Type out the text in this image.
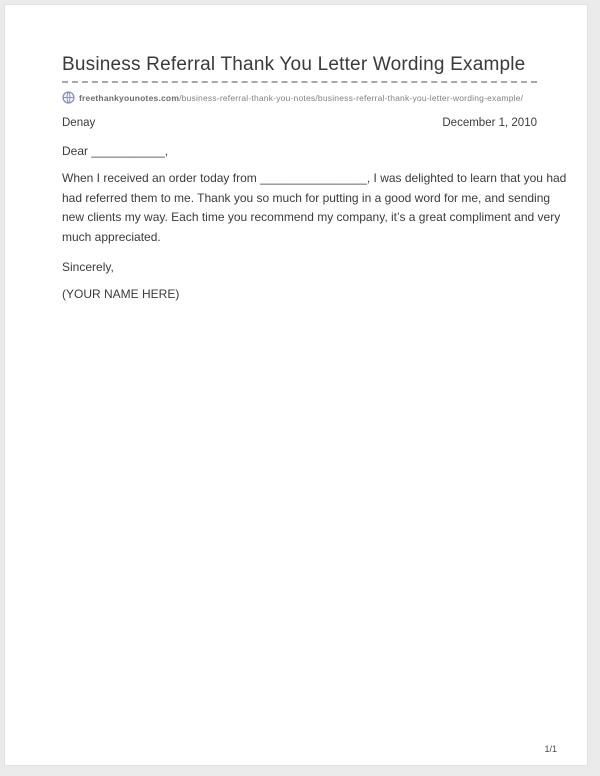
Business Referral Thank You Letter Wording Example
freethankyounotes.com/business-referral-thank-you-notes/business-referral-thank-you-letter-wording-example/
Denay	December 1, 2010

Dear ___________,

When I received an order today from ________________, I was delighted to learn that you had
had referred them to me. Thank you so much for putting in a good word for me, and sending
new clients my way. Each time you recommend my company, it’s a great compliment and very
much appreciated.

Sincerely,

(YOUR NAME HERE)

1/1
